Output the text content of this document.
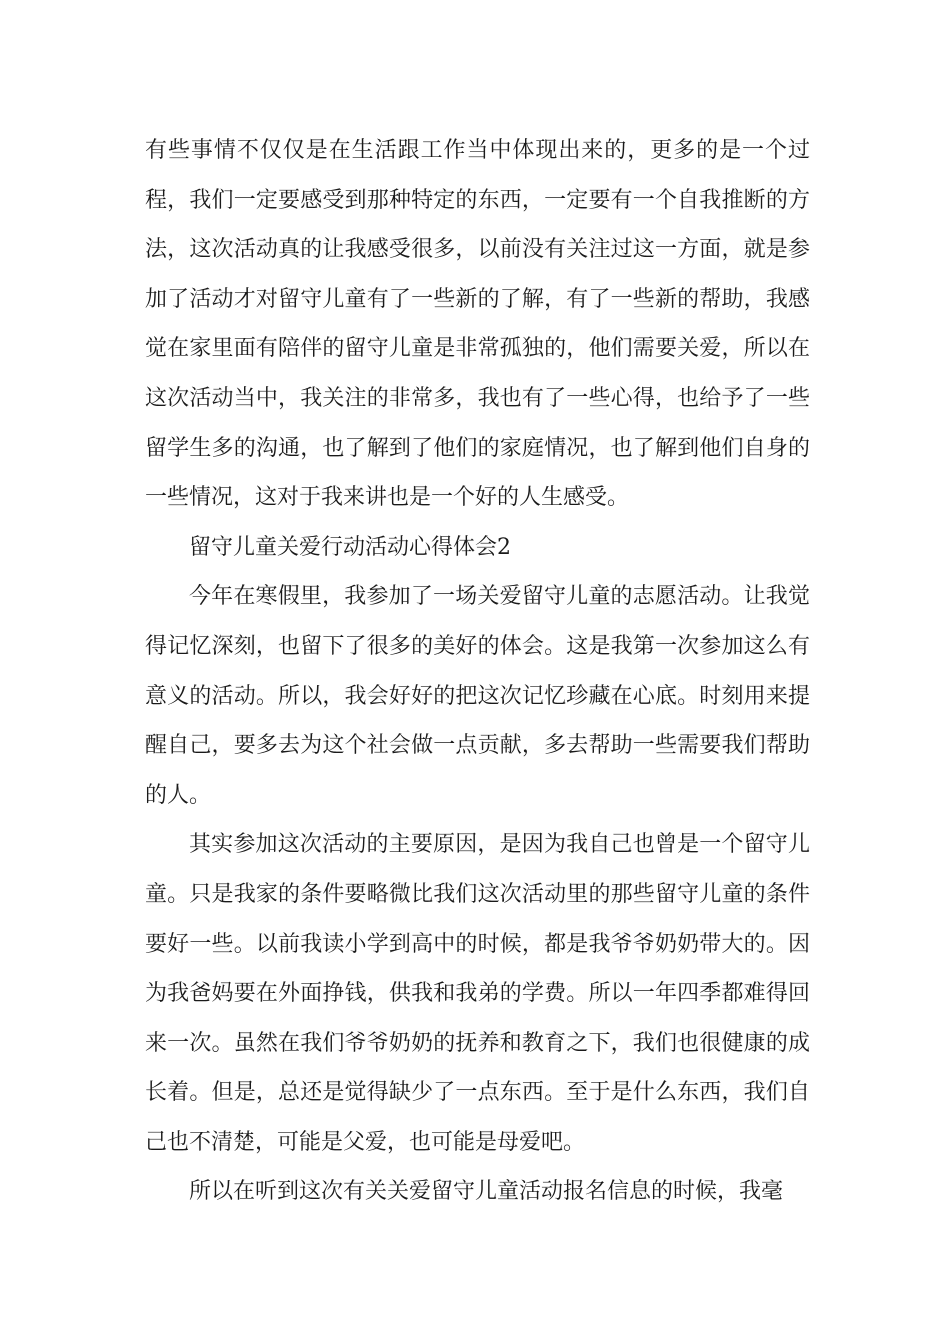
有些事情不仅仅是在生活跟工作当中体现出来的，更多的是一个过程，我们一定要感受到那种特定的东西，一定要有一个自我推断的方法，这次活动真的让我感受很多，以前没有关注过这一方面，就是参加了活动才对留守儿童有了一些新的了解，有了一些新的帮助，我感觉在家里面有陪伴的留守儿童是非常孤独的，他们需要关爱，所以在这次活动当中，我关注的非常多，我也有了一些心得，也给予了一些留学生多的沟通，也了解到了他们的家庭情况，也了解到他们自身的一些情况，这对于我来讲也是一个好的人生感受。

留守儿童关爱行动活动心得体会2

今年在寒假里，我参加了一场关爱留守儿童的志愿活动。让我觉得记忆深刻，也留下了很多的美好的体会。这是我第一次参加这么有意义的活动。所以，我会好好的把这次记忆珍藏在心底。时刻用来提醒自己，要多去为这个社会做一点贡献，多去帮助一些需要我们帮助的人。

其实参加这次活动的主要原因，是因为我自己也曾是一个留守儿童。只是我家的条件要略微比我们这次活动里的那些留守儿童的条件要好一些。以前我读小学到高中的时候，都是我爷爷奶奶带大的。因为我爸妈要在外面挣钱，供我和我弟的学费。所以一年四季都难得回来一次。虽然在我们爷爷奶奶的抚养和教育之下，我们也很健康的成长着。但是，总还是觉得缺少了一点东西。至于是什么东西，我们自己也不清楚，可能是父爱，也可能是母爱吧。

所以在听到这次有关关爱留守儿童活动报名信息的时候，我毫
